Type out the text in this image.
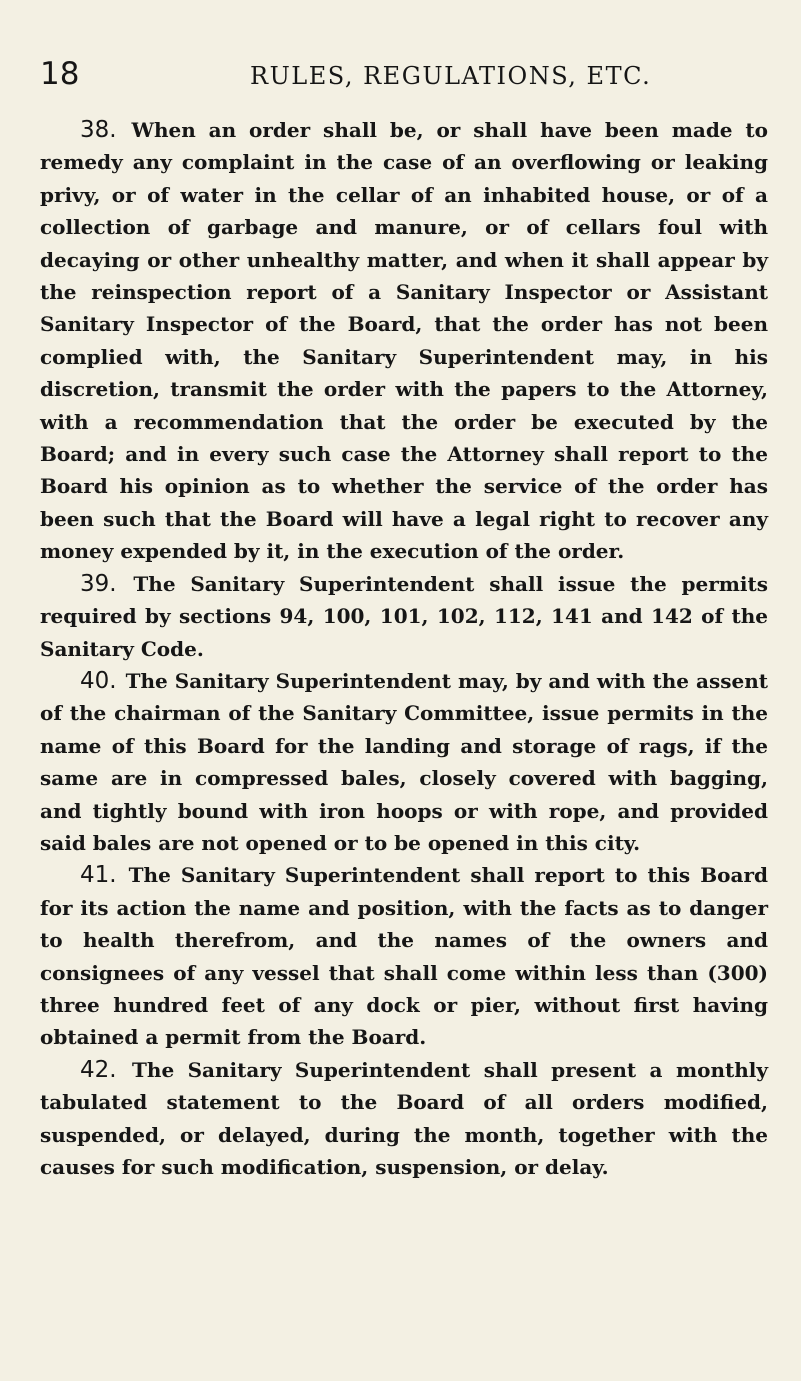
18	RULES, REGULATIONS, ETC.

38. When an order shall be, or shall have been made to remedy any complaint in the case of an overflowing or leaking privy, or of water in the cellar of an inhabited house, or of a collection of garbage and manure, or of cellars foul with decaying or other unhealthy matter, and when it shall appear by the reinspection report of a Sanitary Inspector or Assistant Sanitary Inspector of the Board, that the order has not been complied with, the Sanitary Superintendent may, in his discretion, transmit the order with the papers to the Attorney, with a recommendation that the order be executed by the Board; and in every such case the Attorney shall report to the Board his opinion as to whether the service of the order has been such that the Board will have a legal right to recover any money expended by it, in the execution of the order.

39. The Sanitary Superintendent shall issue the permits required by sections 94, 100, 101, 102, 112, 141 and 142 of the Sanitary Code.

40. The Sanitary Superintendent may, by and with the assent of the chairman of the Sanitary Committee, issue permits in the name of this Board for the landing and storage of rags, if the same are in compressed bales, closely covered with bagging, and tightly bound with iron hoops or with rope, and provided said bales are not opened or to be opened in this city.

41. The Sanitary Superintendent shall report to this Board for its action the name and position, with the facts as to danger to health therefrom, and the names of the owners and consignees of any vessel that shall come within less than (300) three hundred feet of any dock or pier, without first having obtained a permit from the Board.

42. The Sanitary Superintendent shall present a monthly tabulated statement to the Board of all orders modified, suspended, or delayed, during the month, together with the causes for such modification, suspension, or delay.
